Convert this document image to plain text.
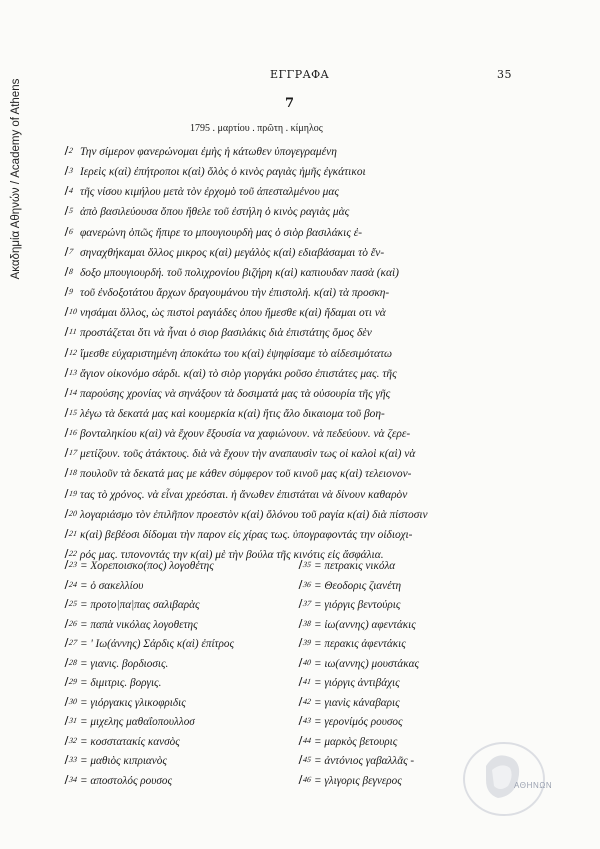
Ακαδημία Αθηνών / Academy of Athens
ΕΓΓΡΑΦΑ	35
7
1795 . μαρτίου . πρῶτη . κίμηλος
2 Την σίμερον φανερώνομαι ἐμὴς ἡ κάτωθεν ὑπογεγραμένη
3 Ιερεὶς κ(αὶ) ἐπήτροποι κ(αὶ) ὅλὸς ὁ κινὸς ραγιὰς ἡμῆς ἐγκάτικοι
4 τῆς νίσου κιμήλου μετὰ τὸν ἐρχομὸ τοῦ ἀπεσταλμένου μας
5 ἀπὸ βασιλεύουσα ὅπου ἤθελε τοῦ ἐστήλη ὁ κινὸς ραγιὰς μὰς
6 φανερώνη ὁπῶς ἤπιρε το μπουγιουρδὴ μας ὁ σιὸρ βασιλάκις ἐ-
7 σηναχθήκαμαι ὅλλος μικρος κ(αὶ) μεγάλὸς κ(αὶ) εδιαβάσαμαι τὸ ἔν-
8 δοξο μπουγιουρδή. τοῦ πολιχρονίου βιζήρη κ(αὶ) καπιουδαν πασὰ (καὶ)
9 τοῦ ἐνδοξοτάτου ἄρχων δραγουμάνου τὴν ἐπιστολή. κ(αὶ) τὰ προσκη-
10 νησάμαι ὅλλος, ὡς πιστοὶ ραγιάδες ὁπου ἤμεσθε κ(αὶ) ἤδαμαι οτι νὰ
11 προστάζεται ὅτι νὰ ἦναι ὁ σιορ βασιλάκις διὰ ἐπιστάτης ὅμος δὲν
12 ἴμεσθε εὐχαριστημένη ἀποκάτω του κ(αὶ) ἐψηφίσαμε τὸ αἰδεσιμότατω
13 ἅγιον οἰκονόμο σάρδι. κ(αὶ) τὸ σιὸρ γιοργάκι ροῦσο ἐπιστάτες μας. τῆς
14 παρούσης χρονίας νὰ σηνάξουν τὰ δοσιματά μας τὰ οὐσουρία τῆς γῆς
15 λέγω τὰ δεκατά μας καὶ κουμερκία κ(αὶ) ἥτις ἄλο δικαιομα τοῦ βοη-
16 βονταληκίου κ(αὶ) νὰ ἔχουν ἔξουσία να χαφιώνουν. νὰ πεδεύουν. νὰ ζερε-
17 μετίζουν. τοῦς ἀτάκτους. διὰ νὰ ἔχουν τὴν αναπαυσὶν τως οἱ καλοὶ κ(αὶ) νὰ
18 πουλοῦν τὰ δεκατά μας με κάθεν σύμφερον τοῦ κινοῦ μας κ(αὶ) τελειονον-
19 τας τὸ χρόνος. νὰ εἶναι χρεόσται. ἡ ἄνωθεν ἐπιστάται νὰ δίνουν καθαρὸν
20 λογαριάσμο τὸν ἐπιλῆπον προεστὸν κ(αὶ) ὅλόνου τοῦ ραγία κ(αὶ) διὰ πίστοσιν
21 κ(αὶ) βεβέοσι δίδομαι τὴν παρον εἰς χίρας τως. ὑπογραφοντάς την οἰδιοχι-
22 ρός μας. τιπονοντάς την κ(αὶ) μὲ τὴν βούλα τῆς κινότις εἰς ἄσφάλια.
23 = Χορεποισκο(πος) λογοθέτης
24 = ὁ σακελλίου
25 = προτο|πα|πας σαλιβαρὰς
26 = παπὰ νικόλας λογοθετης
27 = ' Ιω(άννης) Σάρδις κ(αὶ) ἐπίτρος
28 = γιανις. βορδιοσις.
29 = διμιτρις. βοργις.
30 = γιόργακις γλικοφριδις
31 = μιχελης μαθαΐοπουλλοσ
32 = κοσστατακίς κανσὸς
33 = μαθιὸς κιπριανὸς
34 = αποστολός ρουσος
35 = πετρακις νικόλα
36 = Θεοδορις ζιανέτη
37 = γιόργις βεντούρις
38 = ἰω(αννης) αφεντάκις
39 = περακις ἀφεντάκις
40 = ιω(αννης) μουστάκας
41 = γιόργις ἀντιβάχις
42 = γιανὶς κάναβαρις
43 = γερονίμός ρουσος
44 = μαρκὸς βετουρις
45 = ἀντόνιος γαβαλλᾶς -
46 = γλιγορις βεγνερος	ΑΘΗΝΩΝ
